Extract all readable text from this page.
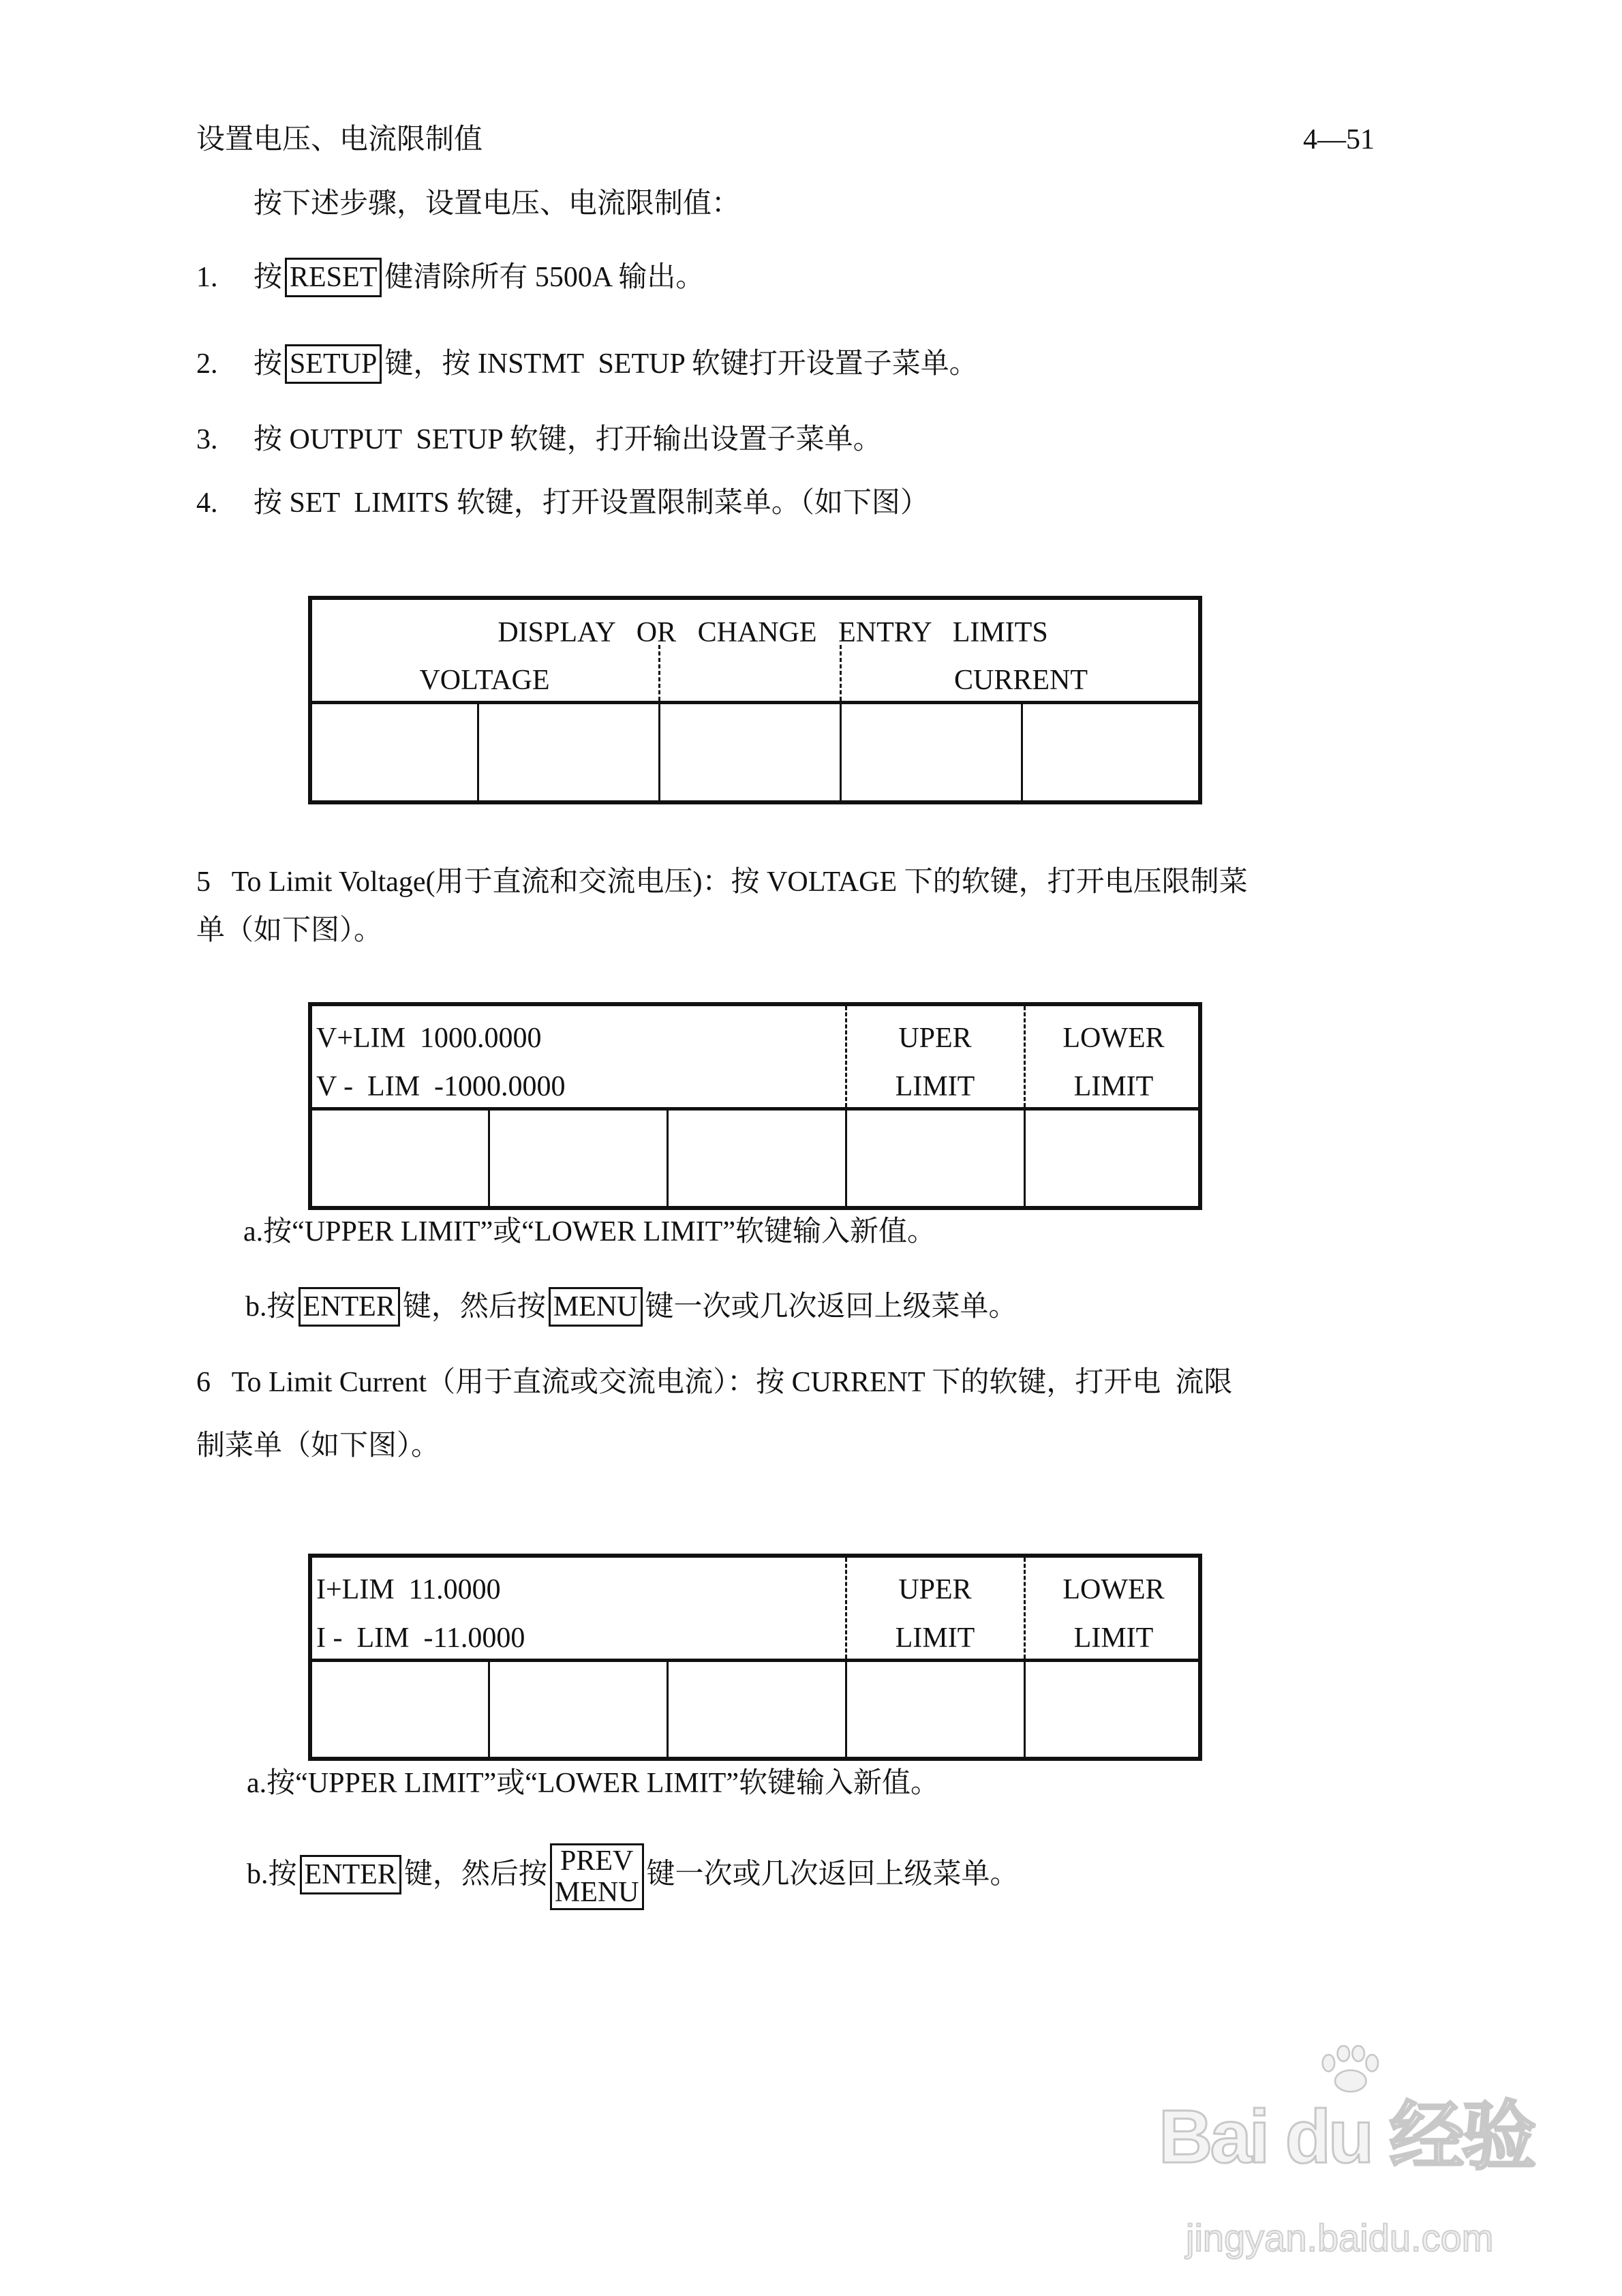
设置电压、电流限制值	4—51
按下述步骤，设置电压、电流限制值：
1. 按 RESET 健清除所有 5500A 输出。
2. 按 SETUP 键，按 INSTMT  SETUP 软键打开设置子菜单。
3. 按 OUTPUT  SETUP 软键，打开输出设置子菜单。
4. 按 SET  LIMITS 软键，打开设置限制菜单。（如下图）
DISPLAY   OR   CHANGE   ENTRY   LIMITS
VOLTAGE	CURRENT
5   To Limit Voltage(用于直流和交流电压)：按 VOLTAGE 下的软键，打开电压限制菜
单（如下图）。
V+LIM  1000.0000
V -  LIM  -1000.0000
UPER
LIMIT
LOWER
LIMIT
a.按“UPPER LIMIT”或“LOWER LIMIT”软键输入新值。
b.按 ENTER 键，然后按 MENU 键一次或几次返回上级菜单。
6   To Limit Current（用于直流或交流电流）：按 CURRENT 下的软键，打开电  流限
制菜单（如下图）。
I+LIM  11.0000
I -  LIM  -11.0000
UPER
LIMIT
LOWER
LIMIT
a.按“UPPER LIMIT”或“LOWER LIMIT”软键输入新值。
b.按 ENTER 键，然后按 PREV
MENU键一次或几次返回上级菜单。
Bai du 经验
jingyan.baidu.com
